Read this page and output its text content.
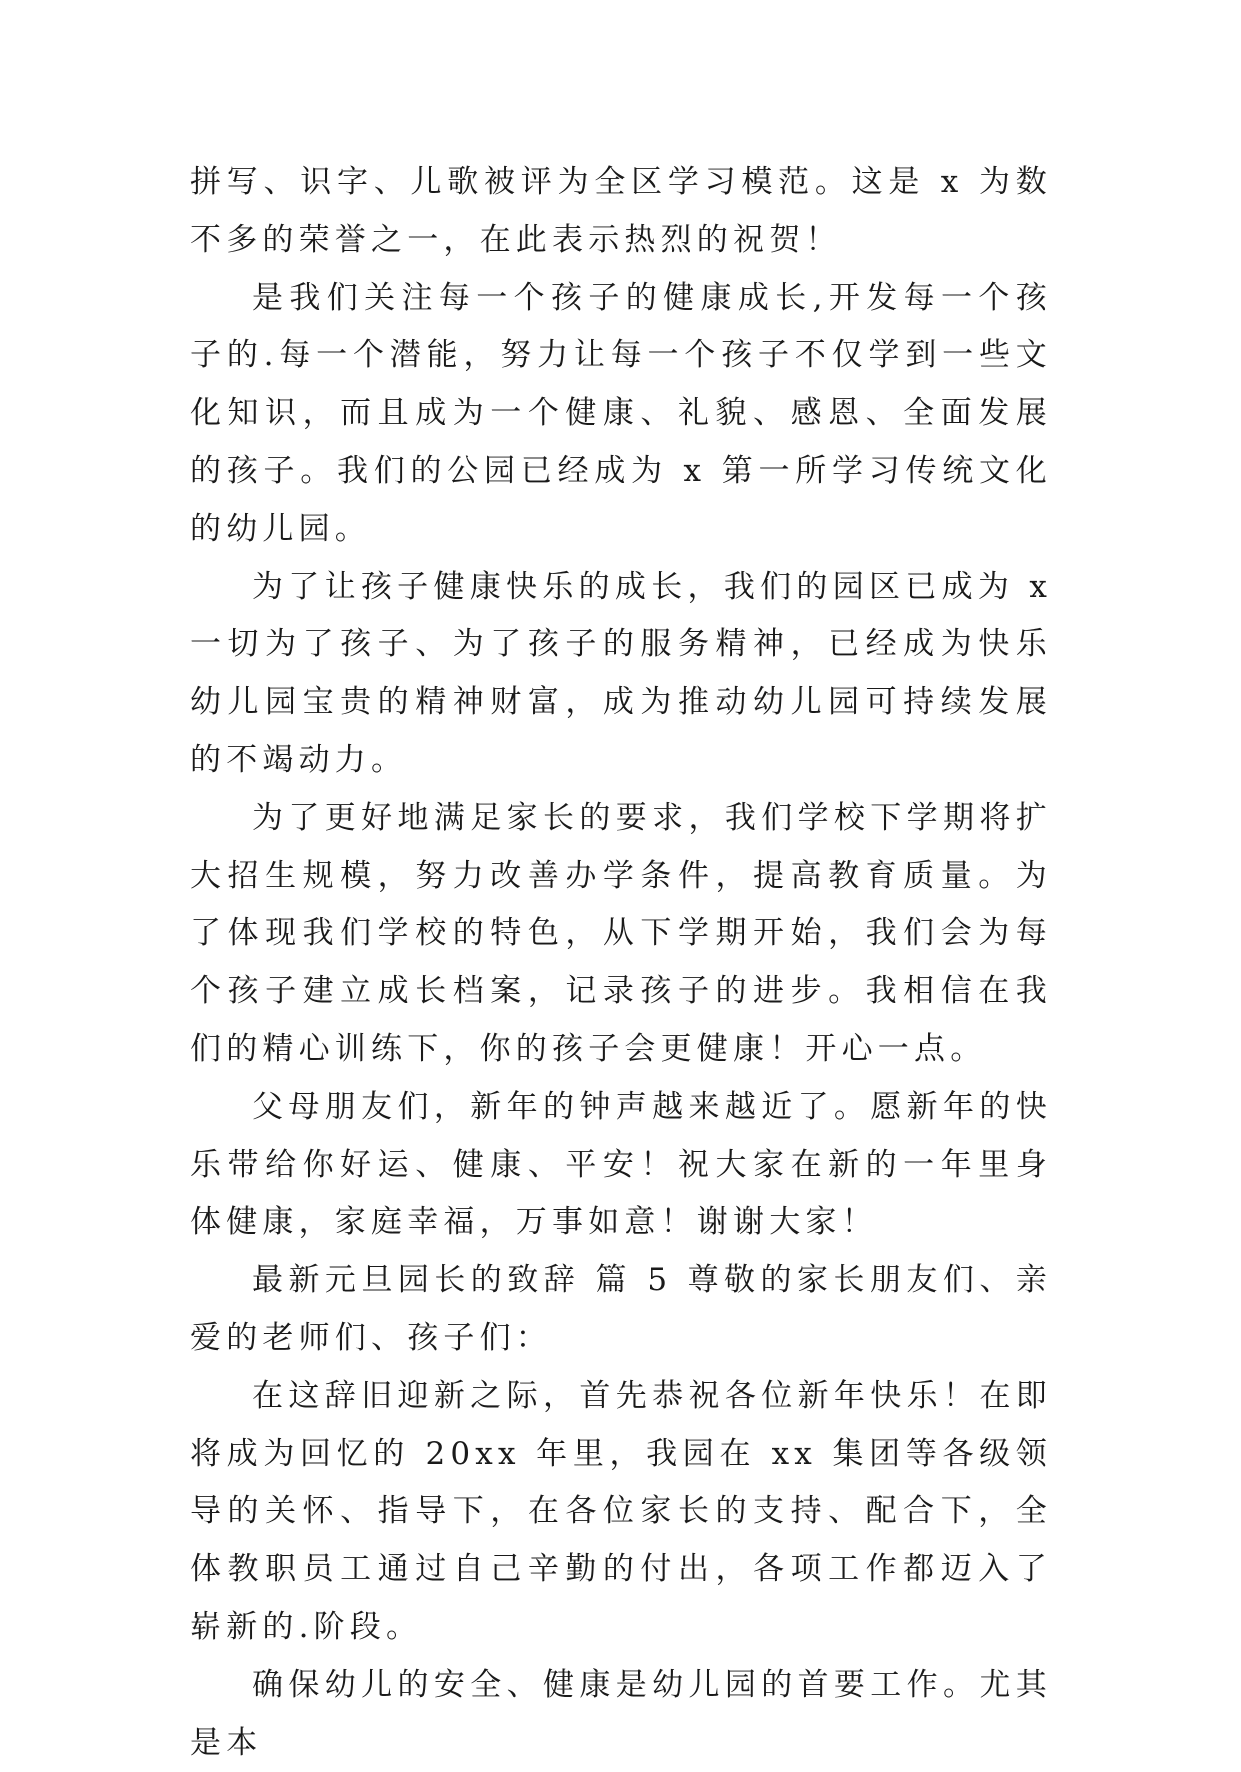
拼写、识字、儿歌被评为全区学习模范。这是 x 为数不多的荣誉之一，在此表示热烈的祝贺！

是我们关注每一个孩子的健康成长,开发每一个孩子的.每一个潜能，努力让每一个孩子不仅学到一些文化知识，而且成为一个健康、礼貌、感恩、全面发展的孩子。我们的公园已经成为 x 第一所学习传统文化的幼儿园。

为了让孩子健康快乐的成长，我们的园区已成为 x 一切为了孩子、为了孩子的服务精神，已经成为快乐幼儿园宝贵的精神财富，成为推动幼儿园可持续发展的不竭动力。

为了更好地满足家长的要求，我们学校下学期将扩大招生规模，努力改善办学条件，提高教育质量。为了体现我们学校的特色，从下学期开始，我们会为每个孩子建立成长档案，记录孩子的进步。我相信在我们的精心训练下，你的孩子会更健康！开心一点。

父母朋友们，新年的钟声越来越近了。愿新年的快乐带给你好运、健康、平安！祝大家在新的一年里身体健康，家庭幸福，万事如意！谢谢大家！

最新元旦园长的致辞 篇 5 尊敬的家长朋友们、亲爱的老师们、孩子们：

在这辞旧迎新之际，首先恭祝各位新年快乐！在即将成为回忆的 20xx 年里，我园在 xx 集团等各级领导的关怀、指导下，在各位家长的支持、配合下，全体教职员工通过自己辛勤的付出，各项工作都迈入了崭新的.阶段。

确保幼儿的安全、健康是幼儿园的首要工作。尤其是本
